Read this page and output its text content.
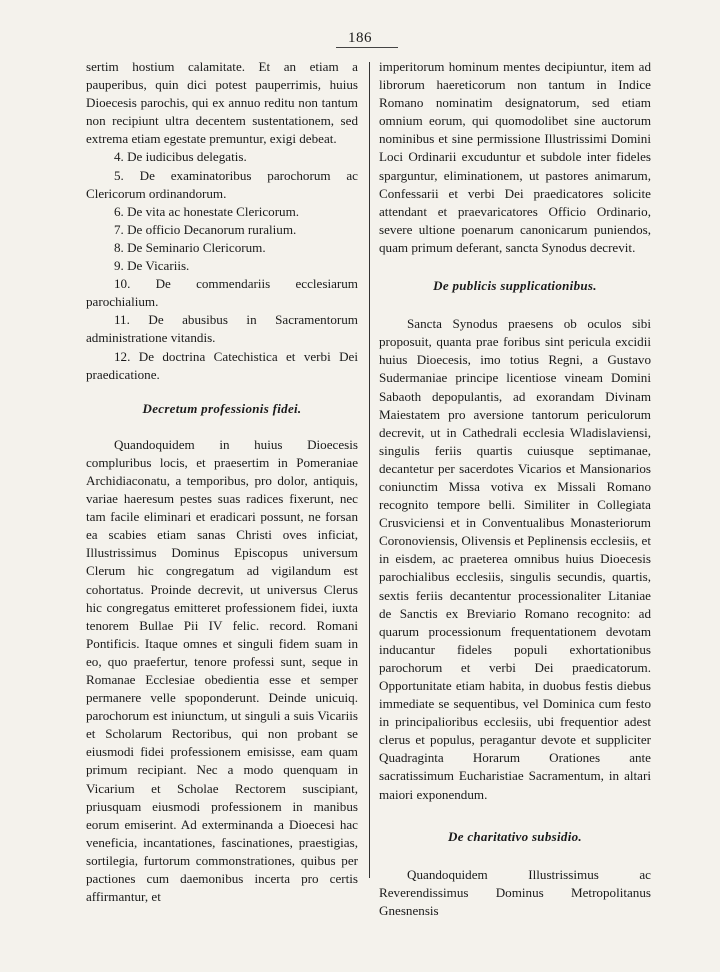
186

sertim hostium calamitate. Et an etiam a pauperibus, quin dici potest pauperrimis, huius Dioecesis parochis, qui ex annuo reditu non tantum non recipiunt ultra decentem sustentationem, sed extrema etiam egestate premuntur, exigi debeat.

4. De iudicibus delegatis.

5. De examinatoribus parochorum ac Clericorum ordinandorum.

6. De vita ac honestate Clericorum.

7. De officio Decanorum ruralium.

8. De Seminario Clericorum.

9. De Vicariis.

10. De commendariis ecclesiarum parochialium.

11. De abusibus in Sacramentorum administratione vitandis.

12. De doctrina Catechistica et verbi Dei praedicatione.

Decretum professionis fidei.

Quandoquidem in huius Dioecesis compluribus locis, et praesertim in Pomeraniae Archidiaconatu, a temporibus, pro dolor, antiquis, variae haeresum pestes suas radices fixerunt, nec tam facile eliminari et eradicari possunt, ne forsan ea scabies etiam sanas Christi oves inficiat, Illustrissimus Dominus Episcopus universum Clerum hic congregatum ad vigilandum est cohortatus. Proinde decrevit, ut universus Clerus hic congregatus emitteret professionem fidei, iuxta tenorem Bullae Pii IV felic. record. Romani Pontificis. Itaque omnes et singuli fidem suam in eo, quo praefertur, tenore professi sunt, seque in Romanae Ecclesiae obedientia esse et semper permanere velle spoponderunt. Deinde unicuiq. parochorum est iniunctum, ut singuli a suis Vicariis et Scholarum Rectoribus, qui non probant se eiusmodi fidei professionem emisisse, eam quam primum recipiant. Nec a modo quenquam in Vicarium et Scholae Rectorem suscipiant, priusquam eiusmodi professionem in manibus eorum emiserint. Ad exterminanda a Dioecesi hac veneficia, incantationes, fascinationes, praestigias, sortilegia, furtorum commonstrationes, quibus per pactiones cum daemonibus incerta pro certis affirmantur, et

imperitorum hominum mentes decipiuntur, item ad librorum haereticorum non tantum in Indice Romano nominatim designatorum, sed etiam omnium eorum, qui quomodolibet sine auctorum nominibus et sine permissione Illustrissimi Domini Loci Ordinarii excuduntur et subdole inter fideles sparguntur, eliminationem, ut pastores animarum, Confessarii et verbi Dei praedicatores solicite attendant et praevaricatores Officio Ordinario, severe ultione poenarum canonicarum puniendos, quam primum deferant, sancta Synodus decrevit.

De publicis supplicationibus.

Sancta Synodus praesens ob oculos sibi proposuit, quanta prae foribus sint pericula excidii huius Dioecesis, imo totius Regni, a Gustavo Sudermaniae principe licentiose vineam Domini Sabaoth depopulantis, ad exorandam Divinam Maiestatem pro aversione tantorum periculorum decrevit, ut in Cathedrali ecclesia Wladislaviensi, singulis feriis quartis cuiusque septimanae, decantetur per sacerdotes Vicarios et Mansionarios coniunctim Missa votiva ex Missali Romano recognito tempore belli. Similiter in Collegiata Crusviciensi et in Conventualibus Monasteriorum Coronoviensis, Olivensis et Peplinensis ecclesiis, et in eisdem, ac praeterea omnibus huius Dioecesis parochialibus ecclesiis, singulis secundis, quartis, sextis feriis decantentur processionaliter Litaniae de Sanctis ex Breviario Romano recognito: ad quarum processionum frequentationem devotam inducantur fideles populi exhortationibus parochorum et verbi Dei praedicatorum. Opportunitate etiam habita, in duobus festis diebus immediate se sequentibus, vel Dominica cum festo in principalioribus ecclesiis, ubi frequentior adest clerus et populus, peragantur devote et suppliciter Quadraginta Horarum Orationes ante sacratissimum Eucharistiae Sacramentum, in altari maiori exponendum.

De charitativo subsidio.

Quandoquidem Illustrissimus ac Reverendissimus Dominus Metropolitanus Gnesnensis
